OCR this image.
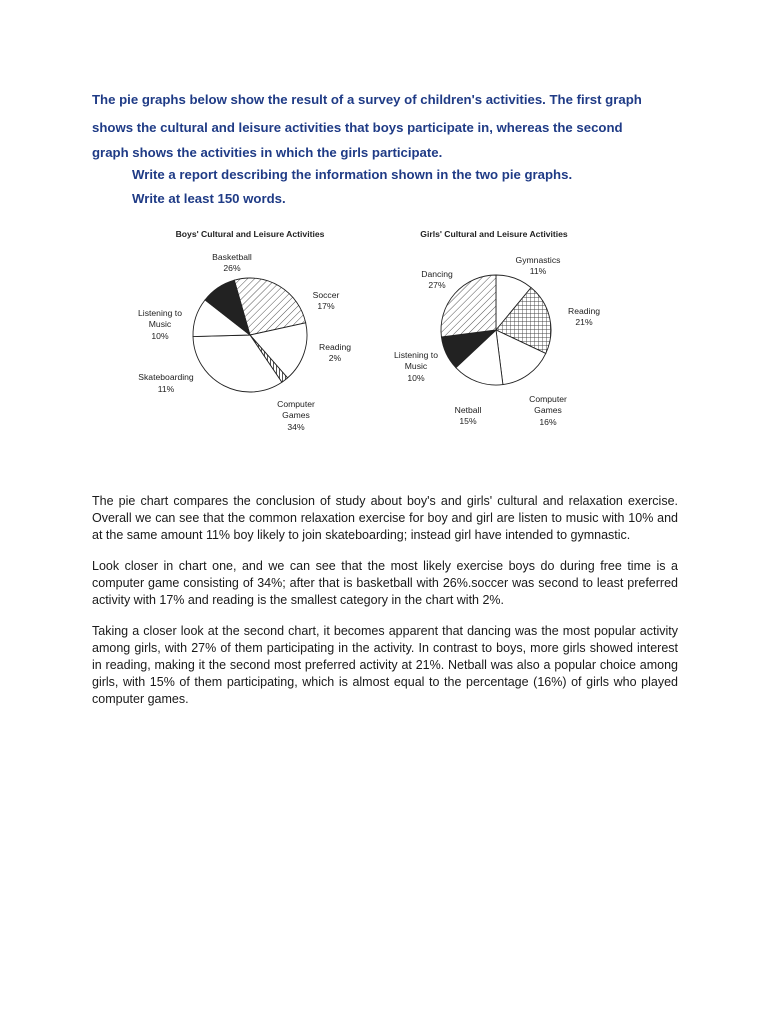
The pie graphs below show the result of a survey of children's activities. The first graph
shows the cultural and leisure activities that boys participate in, whereas the second
graph shows the activities in which the girls participate.
Write a report describing the information shown in the two pie graphs.
Write at least 150 words.
Boys' Cultural and Leisure Activities
Basketball
26%
Soccer
17%
Reading
2%
Computer
Games
34%
Skateboarding
11%
Listening to
Music
10%
Girls' Cultural and Leisure Activities
Gymnastics
11%
Reading
21%
Computer
Games
16%
Netball
15%
Listening to
Music
10%
Dancing
27%

The pie chart compares the conclusion of study about boy's and girls' cultural and relaxation exercise. Overall we can see that the common relaxation exercise for boy and girl are listen to music with 10% and at the same amount 11% boy likely to join skateboarding; instead girl have intended to gymnastic.

Look closer in chart one, and we can see that the most likely exercise boys do during free time is a computer game consisting of 34%; after that is basketball with 26%.soccer was second to least preferred activity with 17% and reading is the smallest category in the chart with 2%.

Taking a closer look at the second chart, it becomes apparent that dancing was the most popular activity among girls, with 27% of them participating in the activity. In contrast to boys, more girls showed interest in reading, making it the second most preferred activity at 21%. Netball was also a popular choice among girls, with 15% of them participating, which is almost equal to the percentage (16%) of girls who played computer games.
